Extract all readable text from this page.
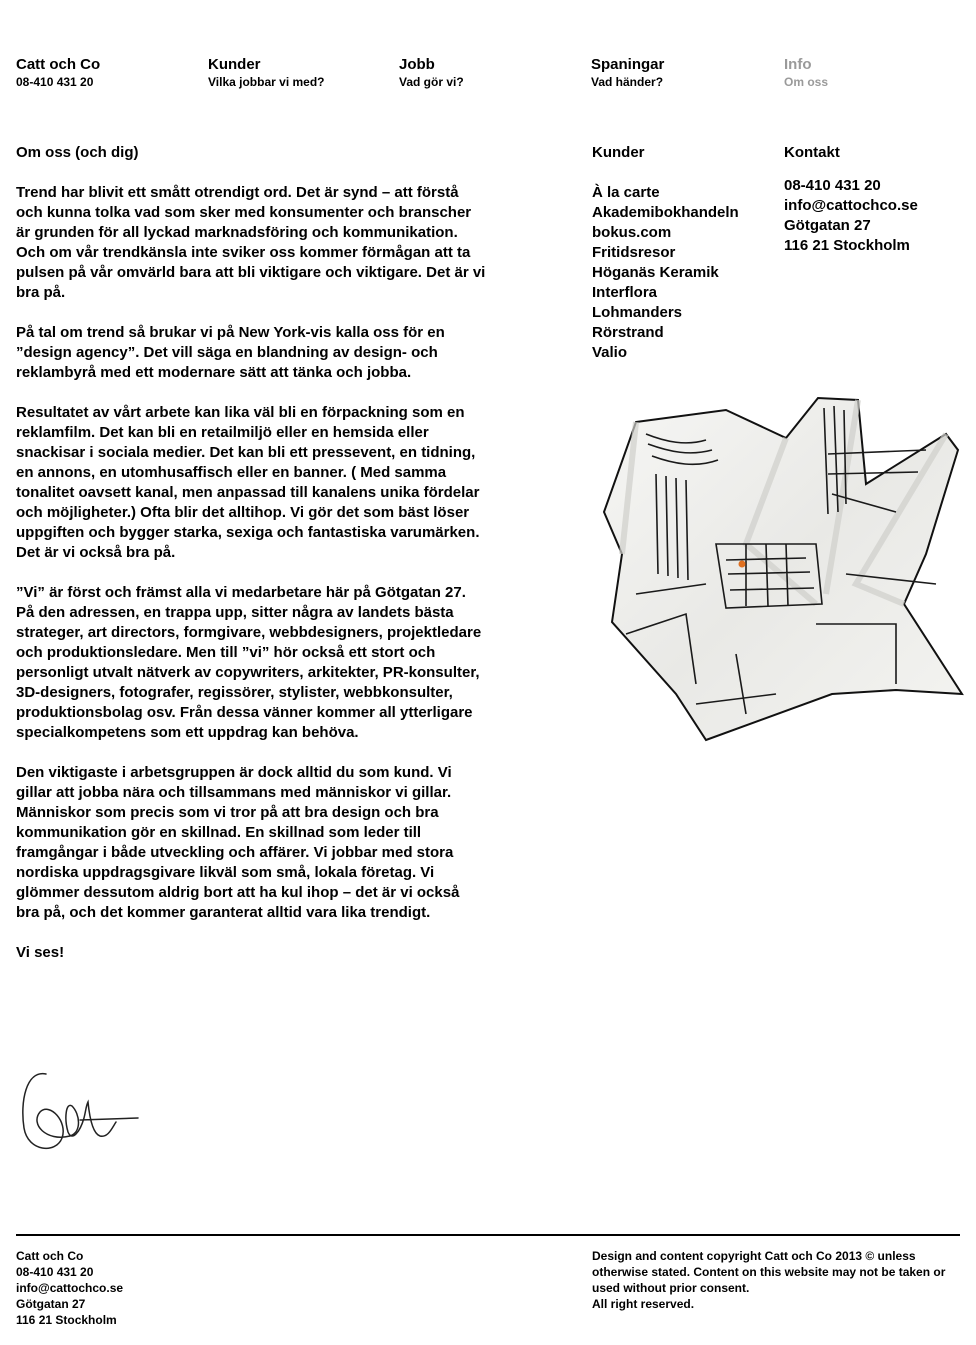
Catt och Co
08-410 431 20
Kunder
Vilka jobbar vi med?
Jobb
Vad gör vi?
Spaningar
Vad händer?
Info
Om oss
Om oss (och dig)

Trend har blivit ett smått otrendigt ord. Det är synd – att förstå och kunna tolka vad som sker med konsumenter och branscher är grunden för all lyckad marknadsföring och kommunikation. Och om vår trendkänsla inte sviker oss kommer förmågan att ta pulsen på vår omvärld bara att bli viktigare och viktigare. Det är vi bra på.

På tal om trend så brukar vi på New York-vis kalla oss för en ”design agency”. Det vill säga en blandning av design- och reklambyrå med ett modernare sätt att tänka och jobba.

Resultatet av vårt arbete kan lika väl bli en förpackning som en reklamfilm. Det kan bli en retailmiljö eller en hemsida eller snackisar i sociala medier. Det kan bli ett pressevent, en tidning, en annons, en utomhusaffisch eller en banner. ( Med samma tonalitet oavsett kanal, men anpassad till kanalens unika fördelar och möjligheter.) Ofta blir det alltihop. Vi gör det som bäst löser uppgiften och bygger starka, sexiga och fantastiska varumärken. Det är vi också bra på.

”Vi” är först och främst alla vi medarbetare här på Götgatan 27. På den adressen, en trappa upp, sitter några av landets bästa strateger, art directors, formgivare, webbdesigners, projektledare och produktionsledare. Men till ”vi” hör också ett stort och personligt utvalt nätverk av copywriters, arkitekter, PR-konsulter, 3D-designers, fotografer, regissörer, stylister, webbkonsulter, produktionsbolag osv. Från dessa vänner kommer all ytterligare specialkompetens som ett uppdrag kan behöva.

Den viktigaste i arbetsgruppen är dock alltid du som kund. Vi gillar att jobba nära och tillsammans med människor vi gillar. Människor som precis som vi tror på att bra design och bra kommunikation gör en skillnad. En skillnad som leder till framgångar i både utveckling och affärer. Vi jobbar med stora nordiska uppdragsgivare likväl som små, lokala företag. Vi glömmer dessutom aldrig bort att ha kul ihop – det är vi också bra på, och det kommer garanterat alltid vara lika trendigt.

Vi ses!

Kunder
À la carte
Akademibokhandeln
bokus.com
Fritidsresor
Höganäs Keramik
Interflora
Lohmanders
Rörstrand
Valio
Kontakt
08-410 431 20
info@cattochco.se
Götgatan 27
116 21 Stockholm
Catt och Co
08-410 431 20
info@cattochco.se
Götgatan 27
116 21 Stockholm
Design and content copyright Catt och Co 2013 © unless
otherwise stated. Content on this website may not be taken or
used without prior consent.
All right reserved.
